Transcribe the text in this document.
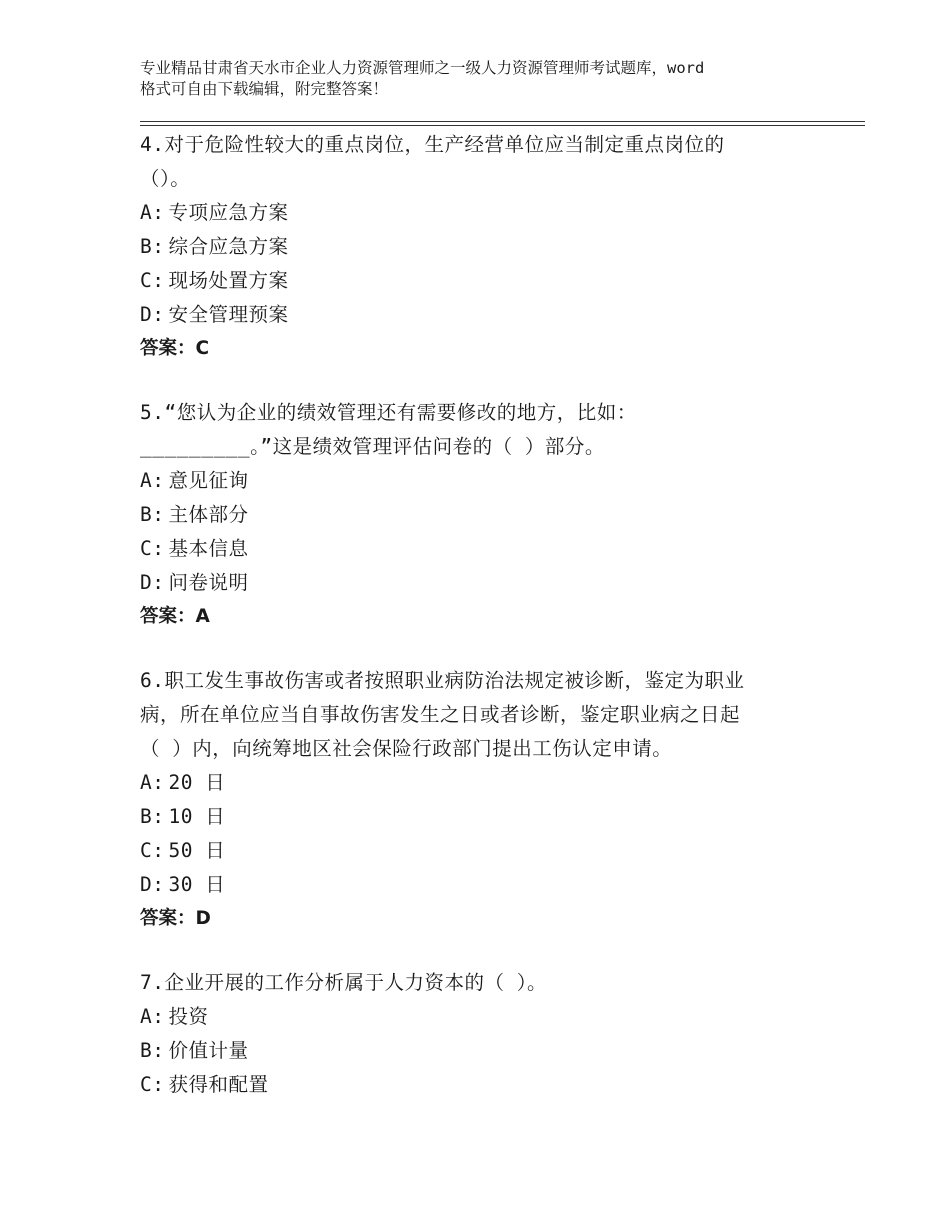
专业精品甘肃省天水市企业人力资源管理师之一级人力资源管理师考试题库，word
格式可自由下载编辑，附完整答案！
4.对于危险性较大的重点岗位，生产经营单位应当制定重点岗位的
（）。
A: 专项应急方案
B: 综合应急方案
C: 现场处置方案
D: 安全管理预案
答案：C
5.“您认为企业的绩效管理还有需要修改的地方，比如：
_________。”这是绩效管理评估问卷的（ ）部分。
A: 意见征询
B: 主体部分
C: 基本信息
D: 问卷说明
答案：A
6.职工发生事故伤害或者按照职业病防治法规定被诊断，鉴定为职业
病，所在单位应当自事故伤害发生之日或者诊断，鉴定职业病之日起
（ ）内，向统筹地区社会保险行政部门提出工伤认定申请。
A: 20 日
B: 10 日
C: 50 日
D: 30 日
答案：D
7.企业开展的工作分析属于人力资本的（ ）。
A: 投资
B: 价值计量
C: 获得和配置
